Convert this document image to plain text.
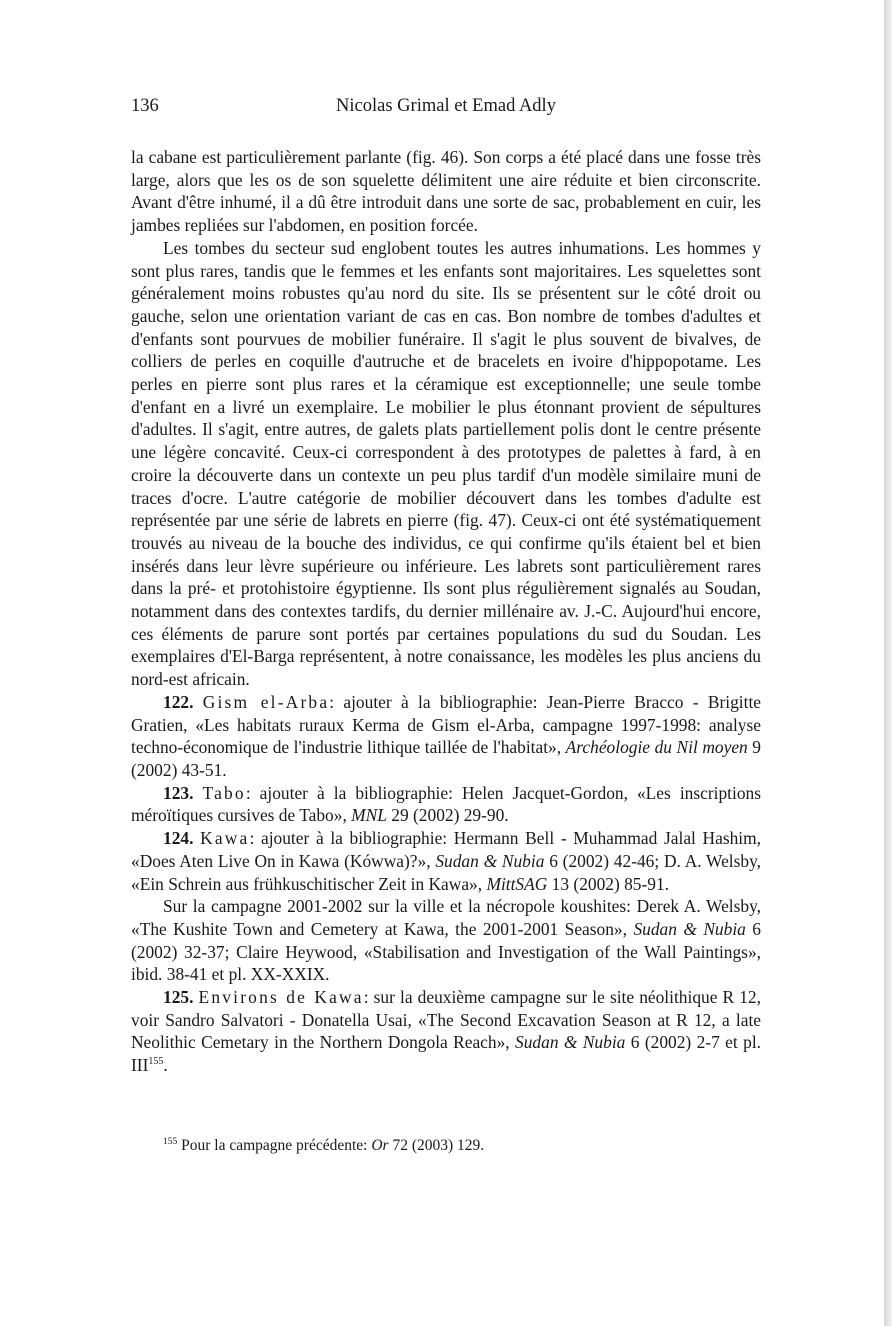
136	Nicolas Grimal et Emad Adly

la cabane est particulièrement parlante (fig. 46). Son corps a été placé dans une fosse très large, alors que les os de son squelette délimitent une aire réduite et bien circonscrite. Avant d'être inhumé, il a dû être introduit dans une sorte de sac, probablement en cuir, les jambes repliées sur l'abdomen, en position forcée.

Les tombes du secteur sud englobent toutes les autres inhumations. Les hommes y sont plus rares, tandis que le femmes et les enfants sont majoritaires. Les squelettes sont généralement moins robustes qu'au nord du site. Ils se présentent sur le côté droit ou gauche, selon une orientation variant de cas en cas. Bon nombre de tombes d'adultes et d'enfants sont pourvues de mobilier funéraire. Il s'agit le plus souvent de bivalves, de colliers de perles en coquille d'autruche et de bracelets en ivoire d'hippopotame. Les perles en pierre sont plus rares et la céramique est exceptionnelle; une seule tombe d'enfant en a livré un exemplaire. Le mobilier le plus étonnant provient de sépultures d'adultes. Il s'agit, entre autres, de galets plats partiellement polis dont le centre présente une légère concavité. Ceux-ci correspondent à des prototypes de palettes à fard, à en croire la découverte dans un contexte un peu plus tardif d'un modèle similaire muni de traces d'ocre. L'autre catégorie de mobilier découvert dans les tombes d'adulte est représentée par une série de labrets en pierre (fig. 47). Ceux-ci ont été systématiquement trouvés au niveau de la bouche des individus, ce qui confirme qu'ils étaient bel et bien insérés dans leur lèvre supérieure ou inférieure. Les labrets sont particulièrement rares dans la pré- et protohistoire égyptienne. Ils sont plus régulièrement signalés au Soudan, notamment dans des contextes tardifs, du dernier millénaire av. J.-C. Aujourd'hui encore, ces éléments de parure sont portés par certaines populations du sud du Soudan. Les exemplaires d'El-Barga représentent, à notre conaissance, les modèles les plus anciens du nord-est africain.

122. Gism el-Arba: ajouter à la bibliographie: Jean-Pierre Bracco - Brigitte Gratien, «Les habitats ruraux Kerma de Gism el-Arba, campagne 1997-1998: analyse techno-économique de l'industrie lithique taillée de l'habitat», Archéologie du Nil moyen 9 (2002) 43-51.

123. Tabo: ajouter à la bibliographie: Helen Jacquet-Gordon, «Les inscriptions méroïtiques cursives de Tabo», MNL 29 (2002) 29-90.

124. Kawa: ajouter à la bibliographie: Hermann Bell - Muhammad Jalal Hashim, «Does Aten Live On in Kawa (Kówwa)?», Sudan & Nubia 6 (2002) 42-46; D. A. Welsby, «Ein Schrein aus frühkuschitischer Zeit in Kawa», MittSAG 13 (2002) 85-91.

Sur la campagne 2001-2002 sur la ville et la nécropole koushites: Derek A. Welsby, «The Kushite Town and Cemetery at Kawa, the 2001-2001 Season», Sudan & Nubia 6 (2002) 32-37; Claire Heywood, «Stabilisation and Investigation of the Wall Paintings», ibid. 38-41 et pl. XX-XXIX.

125. Environs de Kawa: sur la deuxième campagne sur le site néolithique R 12, voir Sandro Salvatori - Donatella Usai, «The Second Excavation Season at R 12, a late Neolithic Cemetary in the Northern Dongola Reach», Sudan & Nubia 6 (2002) 2-7 et pl. III$^{155}$.

$^{155}$ Pour la campagne précédente: Or 72 (2003) 129.
